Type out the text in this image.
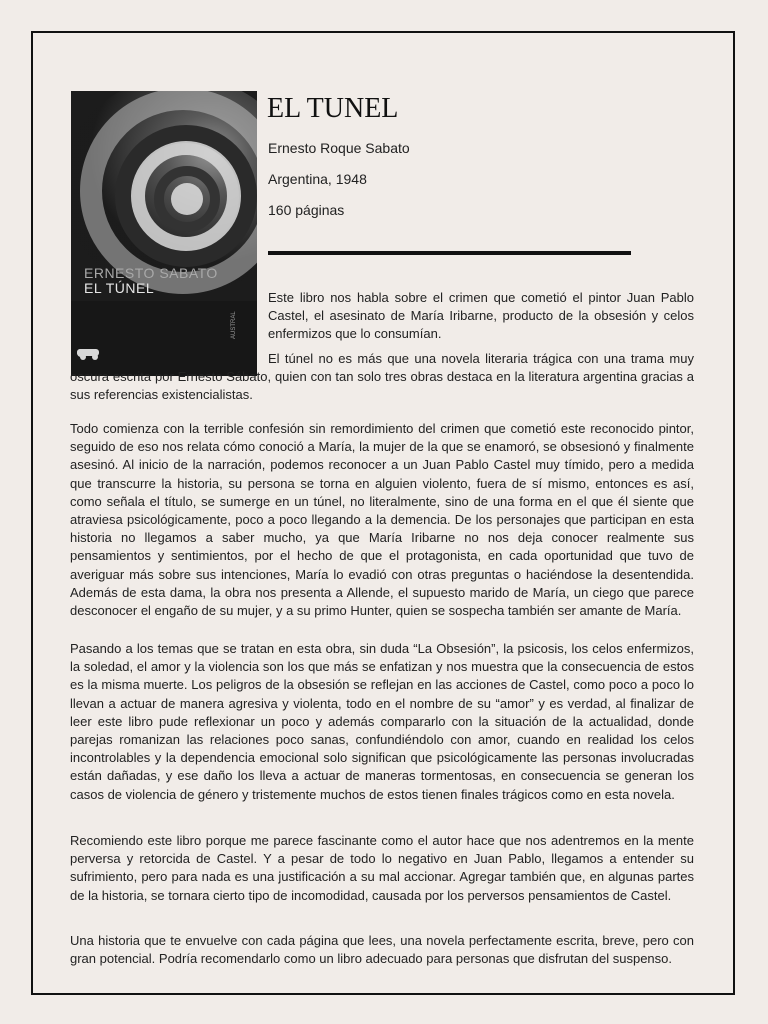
ERNESTO SABATO
EL TÚNEL
AUSTRAL
EL TUNEL
Ernesto Roque Sabato
Argentina, 1948
160 páginas

Este libro nos habla sobre el crimen que cometió el pintor Juan Pablo Castel, el asesinato de María Iribarne, producto de la obsesión y celos enfermizos que lo consumían.

El túnel no es más que una novela literaria trágica con una trama muy oscura escrita por Ernesto Sábato, quien con tan solo tres obras destaca en la literatura argentina gracias a sus referencias existencialistas.

Todo comienza con la terrible confesión sin remordimiento del crimen que cometió este reconocido pintor, seguido de eso nos relata cómo conoció a María, la mujer de la que se enamoró, se obsesionó y finalmente asesinó. Al inicio de la narración, podemos reconocer a un Juan Pablo Castel muy tímido, pero a medida que transcurre la historia, su persona se torna en alguien violento, fuera de sí mismo, entonces es así, como señala el título, se sumerge en un túnel, no literalmente, sino de una forma en el que él siente que atraviesa psicológicamente, poco a poco llegando a la demencia. De los personajes que participan en esta historia no llegamos a saber mucho, ya que María Iribarne no nos deja conocer realmente sus pensamientos y sentimientos, por el hecho de que el protagonista, en cada oportunidad que tuvo de averiguar más sobre sus intenciones, María lo evadió con otras preguntas o haciéndose la desentendida. Además de esta dama, la obra nos presenta a Allende, el supuesto marido de María, un ciego que parece desconocer el engaño de su mujer, y a su primo Hunter, quien se sospecha también ser amante de María.

Pasando a los temas que se tratan en esta obra, sin duda “La Obsesión”, la psicosis, los celos enfermizos, la soledad, el amor y la violencia son los que más se enfatizan y nos muestra que la consecuencia de estos es la misma muerte. Los peligros de la obsesión se reflejan en las acciones de Castel, como poco a poco lo llevan a actuar de manera agresiva y violenta, todo en el nombre de su “amor” y es verdad, al finalizar de leer este libro pude reflexionar un poco y además compararlo con la situación de la actualidad, donde parejas romanizan las relaciones poco sanas, confundiéndolo con amor, cuando en realidad los celos incontrolables y la dependencia emocional solo significan que psicológicamente las personas involucradas están dañadas, y ese daño los lleva a actuar de maneras tormentosas, en consecuencia se generan los casos de violencia de género y tristemente muchos de estos tienen finales trágicos como en esta novela.

Recomiendo este libro porque me parece fascinante como el autor hace que nos adentremos en la mente perversa y retorcida de Castel. Y a pesar de todo lo negativo en Juan Pablo, llegamos a entender su sufrimiento, pero para nada es una justificación a su mal accionar. Agregar también que, en algunas partes de la historia, se tornara cierto tipo de incomodidad, causada por los perversos pensamientos de Castel.

Una historia que te envuelve con cada página que lees, una novela perfectamente escrita, breve, pero con gran potencial. Podría recomendarlo como un libro adecuado para personas que disfrutan del suspenso.
